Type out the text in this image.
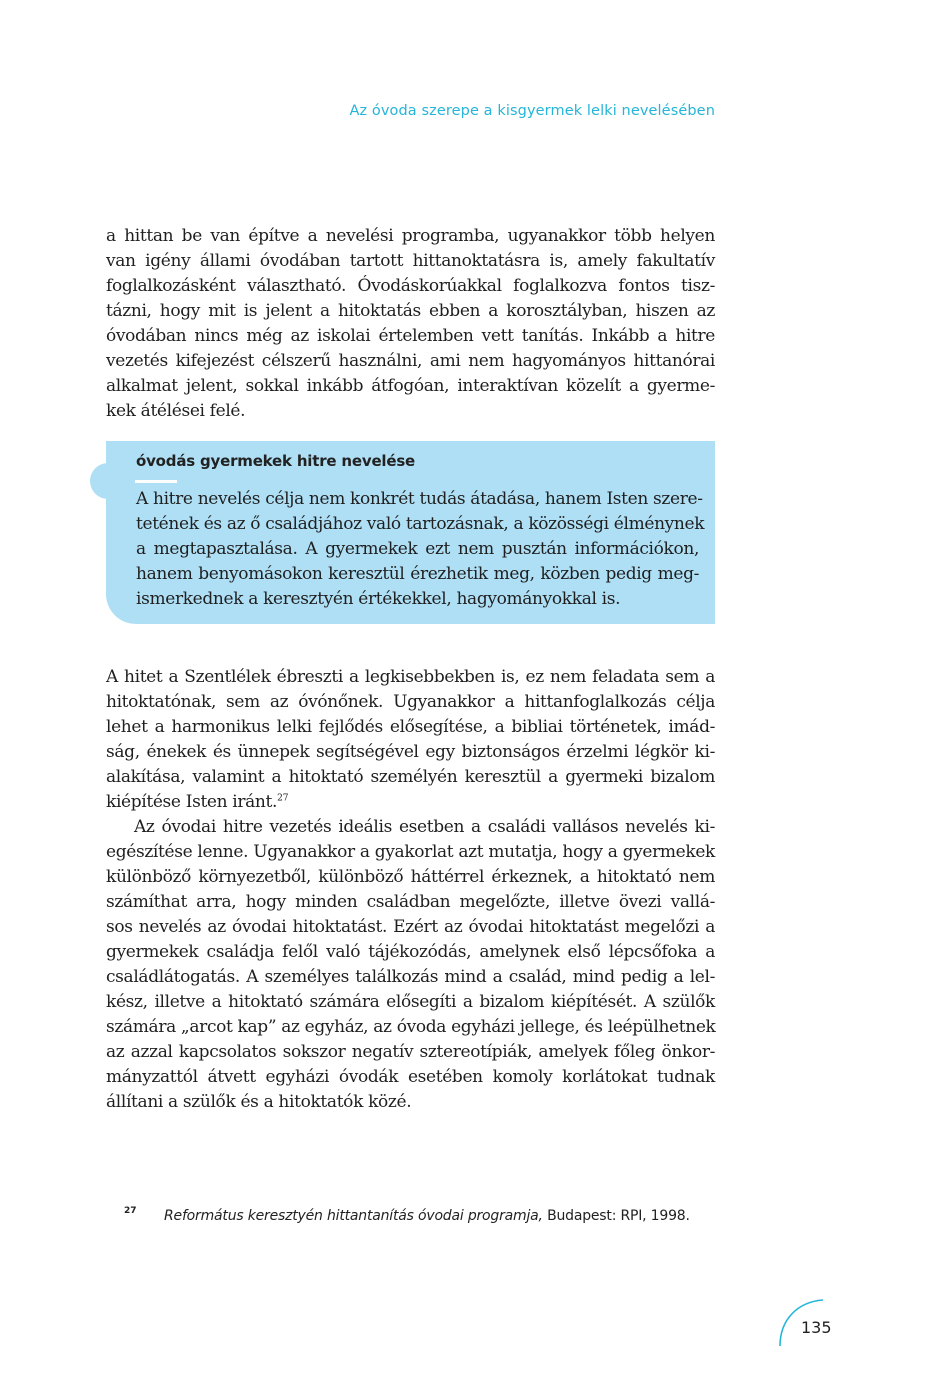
Az óvoda szerepe a kisgyermek lelki nevelésében
a hittan be van építve a nevelési programba, ugyanakkor több helyen
van igény állami óvodában tartott hittanoktatásra is, amely fakultatív
foglalkozásként választható. Óvodáskorúakkal foglalkozva fontos tisz-
tázni, hogy mit is jelent a hitoktatás ebben a korosztályban, hiszen az
óvodában nincs még az iskolai értelemben vett tanítás. Inkább a hitre
vezetés kifejezést célszerű használni, ami nem hagyományos hittanórai
alkalmat jelent, sokkal inkább átfogóan, interaktívan közelít a gyerme-
kek átélései felé.
óvodás gyermekek hitre nevelése
A hitre nevelés célja nem konkrét tudás átadása, hanem Isten szere-
tetének és az ő családjához való tartozásnak, a közösségi élménynek
a megtapasztalása. A gyermekek ezt nem pusztán információkon,
hanem benyomásokon keresztül érezhetik meg, közben pedig meg-
ismerkednek a keresztyén értékekkel, hagyományokkal is.
A hitet a Szentlélek ébreszti a legkisebbekben is, ez nem feladata sem a
hitoktatónak, sem az óvónőnek. Ugyanakkor a hittanfoglalkozás célja
lehet a harmonikus lelki fejlődés elősegítése, a bibliai történetek, imád-
ság, énekek és ünnepek segítségével egy biztonságos érzelmi légkör ki-
alakítása, valamint a hitoktató személyén keresztül a gyermeki bizalom
kiépítése Isten iránt.$^{27}$
Az óvodai hitre vezetés ideális esetben a családi vallásos nevelés ki-
egészítése lenne. Ugyanakkor a gyakorlat azt mutatja, hogy a gyermekek
különböző környezetből, különböző háttérrel érkeznek, a hitoktató nem
számíthat arra, hogy minden családban megelőzte, illetve övezi vallá-
sos nevelés az óvodai hitoktatást. Ezért az óvodai hitoktatást megelőzi a
gyermekek családja felől való tájékozódás, amelynek első lépcsőfoka a
családlátogatás. A személyes találkozás mind a család, mind pedig a lel-
kész, illetve a hitoktató számára elősegíti a bizalom kiépítését. A szülők
számára „arcot kap” az egyház, az óvoda egyházi jellege, és leépülhetnek
az azzal kapcsolatos sokszor negatív sztereotípiák, amelyek főleg önkor-
mányzattól átvett egyházi óvodák esetében komoly korlátokat tudnak
állítani a szülők és a hitoktatók közé.
27 Református keresztyén hittantanítás óvodai programja, Budapest: RPI, 1998.
135
